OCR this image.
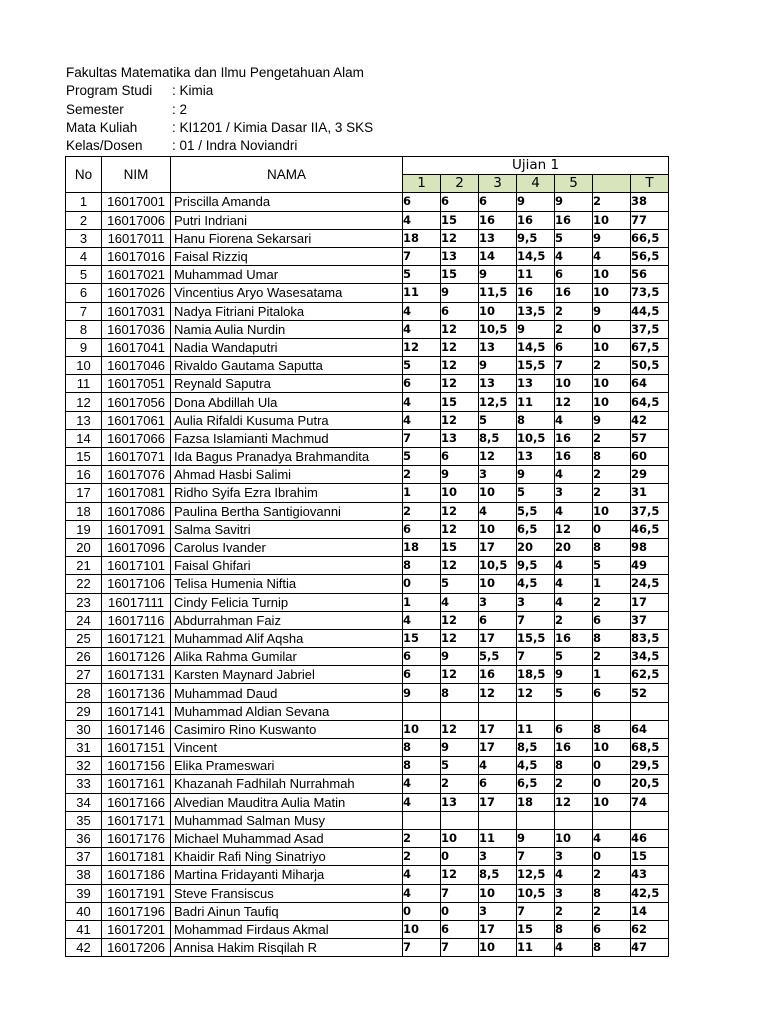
Fakultas Matematika dan Ilmu Pengetahuan Alam
Program Studi	: Kimia
Semester	: 2
Mata Kuliah	: KI1201 / Kimia Dasar IIA, 3 SKS
Kelas/Dosen	: 01 / Indra Noviandri
No	NIM	NAMA	Ujian 1						
			1	2	3	4	5		T
1	16017001	Priscilla Amanda	6	6	6	9	9	2	38
2	16017006	Putri Indriani	4	15	16	16	16	10	77
3	16017011	Hanu Fiorena Sekarsari	18	12	13	9,5	5	9	66,5
4	16017016	Faisal Rizziq	7	13	14	14,5	4	4	56,5
5	16017021	Muhammad Umar	5	15	9	11	6	10	56
6	16017026	Vincentius Aryo Wasesatama	11	9	11,5	16	16	10	73,5
7	16017031	Nadya Fitriani Pitaloka	4	6	10	13,5	2	9	44,5
8	16017036	Namia Aulia Nurdin	4	12	10,5	9	2	0	37,5
9	16017041	Nadia Wandaputri	12	12	13	14,5	6	10	67,5
10	16017046	Rivaldo Gautama Saputta	5	12	9	15,5	7	2	50,5
11	16017051	Reynald Saputra	6	12	13	13	10	10	64
12	16017056	Dona Abdillah Ula	4	15	12,5	11	12	10	64,5
13	16017061	Aulia Rifaldi Kusuma Putra	4	12	5	8	4	9	42
14	16017066	Fazsa Islamianti Machmud	7	13	8,5	10,5	16	2	57
15	16017071	Ida Bagus Pranadya Brahmandita	5	6	12	13	16	8	60
16	16017076	Ahmad Hasbi Salimi	2	9	3	9	4	2	29
17	16017081	Ridho Syifa Ezra Ibrahim	1	10	10	5	3	2	31
18	16017086	Paulina Bertha Santigiovanni	2	12	4	5,5	4	10	37,5
19	16017091	Salma Savitri	6	12	10	6,5	12	0	46,5
20	16017096	Carolus Ivander	18	15	17	20	20	8	98
21	16017101	Faisal Ghifari	8	12	10,5	9,5	4	5	49
22	16017106	Telisa Humenia Niftia	0	5	10	4,5	4	1	24,5
23	16017111	Cindy Felicia Turnip	1	4	3	3	4	2	17
24	16017116	Abdurrahman Faiz	4	12	6	7	2	6	37
25	16017121	Muhammad Alif Aqsha	15	12	17	15,5	16	8	83,5
26	16017126	Alika Rahma Gumilar	6	9	5,5	7	5	2	34,5
27	16017131	Karsten Maynard Jabriel	6	12	16	18,5	9	1	62,5
28	16017136	Muhammad Daud	9	8	12	12	5	6	52
29	16017141	Muhammad Aldian Sevana							
30	16017146	Casimiro Rino Kuswanto	10	12	17	11	6	8	64
31	16017151	Vincent	8	9	17	8,5	16	10	68,5
32	16017156	Elika Prameswari	8	5	4	4,5	8	0	29,5
33	16017161	Khazanah Fadhilah Nurrahmah	4	2	6	6,5	2	0	20,5
34	16017166	Alvedian Mauditra Aulia Matin	4	13	17	18	12	10	74
35	16017171	Muhammad Salman Musy							
36	16017176	Michael Muhammad Asad	2	10	11	9	10	4	46
37	16017181	Khaidir Rafi Ning Sinatriyo	2	0	3	7	3	0	15
38	16017186	Martina Fridayanti Miharja	4	12	8,5	12,5	4	2	43
39	16017191	Steve Fransiscus	4	7	10	10,5	3	8	42,5
40	16017196	Badri Ainun Taufiq	0	0	3	7	2	2	14
41	16017201	Mohammad Firdaus Akmal	10	6	17	15	8	6	62
42	16017206	Annisa Hakim Risqilah R	7	7	10	11	4	8	47
